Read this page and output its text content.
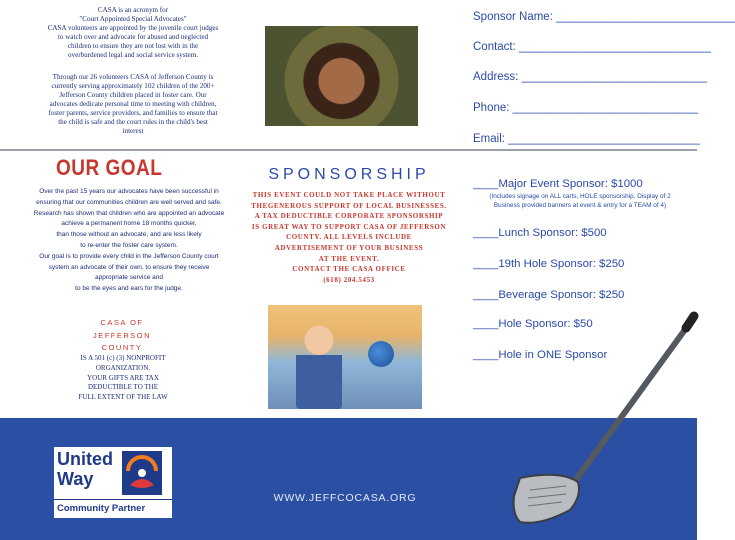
CASA is an acronym for
"Court Appointed Special Advocates"
CASA volunteers are appointed by the juvenile court judges
to watch over and advocate for abused and neglected
children to ensure they are not lost with in the
overburdened legal and social service system.

Through our 26 volunteers CASA of Jefferson County is
currently serving approximately 102 children of the 200+
Jefferson County children placed in foster care. Our
advocates dedicate personal time to meeting with children,
foster parents, service providers, and families to ensure that
the child is safe and the court rules in the child's best
interest

Sponsor Name: ____________________________
Contact: ______________________________
Address: _____________________________
Phone: _____________________________
Email: ______________________________
OUR GOAL
Over the past 15 years our advocates have been successful in
ensuring that our communities children are well served and safe.
Research has shown that children who are appointed an advocate
achieve a permanent home 18 months quicker,
than those without an advocate, and are less likely
to re-enter the foster care system.
Our goal is to provide every child in the Jefferson County court
system an advocate of their own, to ensure they receive
appropriate service and
to be the eyes and ears for the judge.
CASA OF
JEFFERSON
COUNTY
IS A 501 (c) (3) NONPROFIT
ORGANIZATION.
YOUR GIFTS ARE TAX
DEDUCTIBLE TO THE
FULL EXTENT OF THE LAW
SPONSORSHIP
THIS EVENT COULD NOT TAKE PLACE WITHOUT
THEGENEROUS SUPPORT OF LOCAL BUSINESSES.
A TAX DEDUCTIBLE CORPORATE SPONSORSHIP
IS GREAT WAY TO SUPPORT CASA OF JEFFERSON
COUNTY. ALL LEVELS INCLUDE
ADVERTISEMENT OF YOUR BUSINESS
AT THE EVENT.
CONTACT THE CASA OFFICE
(618) 204.5453
____Major Event Sponsor: $1000
(Includes signage on ALL carts, HOLE sponsorship, Display of 2
Business provided banners at event & entry for a TEAM of 4)
____Lunch Sponsor: $500
____19th Hole Sponsor: $250
____Beverage Sponsor: $250
____Hole Sponsor: $50
____Hole in ONE Sponsor
United
Way
Community Partner
WWW.JEFFCOCASA.ORG
